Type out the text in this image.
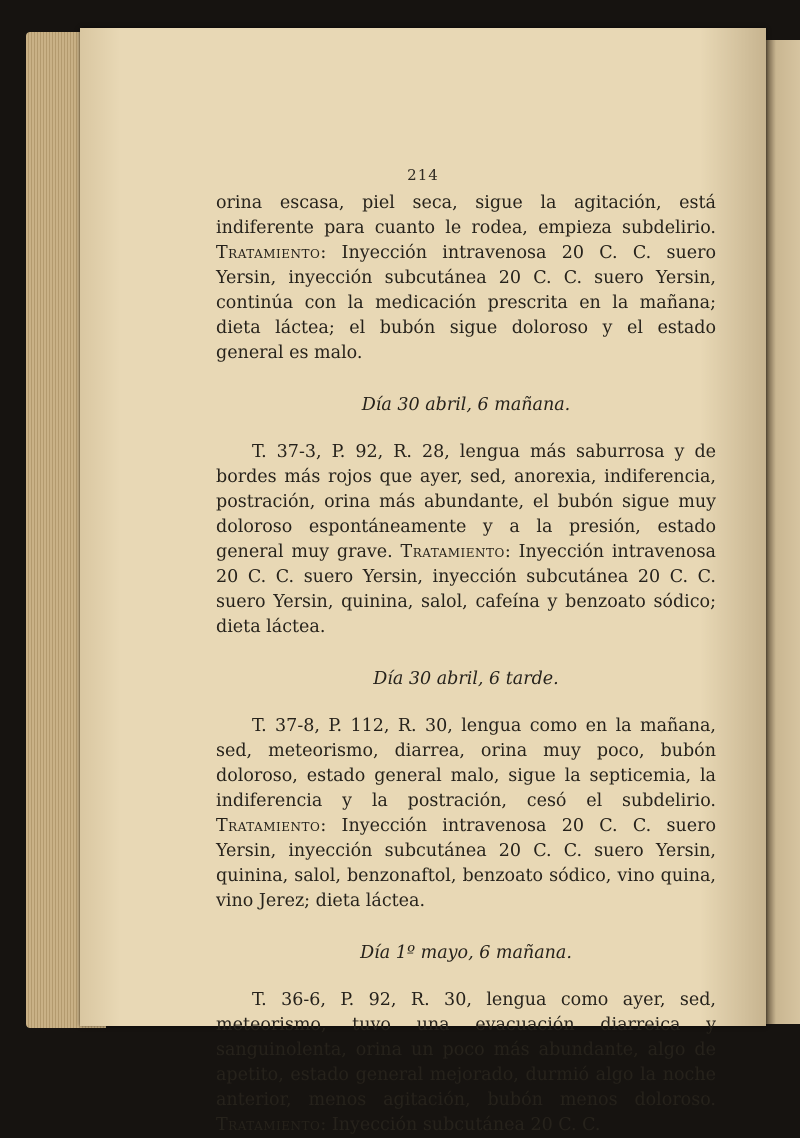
214

orina escasa, piel seca, sigue la agitación, está indiferente para cuanto le rodea, empieza subdelirio. Tratamiento: Inyección intravenosa 20 C. C. suero Yersin, inyección subcutánea 20 C. C. suero Yersin, continúa con la medicación prescrita en la mañana; dieta láctea; el bubón sigue doloroso y el estado general es malo.

Día 30 abril, 6 mañana.

T. 37-3, P. 92, R. 28, lengua más saburrosa y de bordes más rojos que ayer, sed, anorexia, indiferencia, postración, orina más abundante, el bubón sigue muy doloroso espontáneamente y a la presión, estado general muy grave. Tratamiento: Inyección intravenosa 20 C. C. suero Yersin, inyección subcutánea 20 C. C. suero Yersin, quinina, salol, cafeína y benzoato sódico; dieta láctea.

Día 30 abril, 6 tarde.

T. 37-8, P. 112, R. 30, lengua como en la mañana, sed, meteorismo, diarrea, orina muy poco, bubón doloroso, estado general malo, sigue la septicemia, la indiferencia y la postración, cesó el subdelirio. Tratamiento: Inyección intravenosa 20 C. C. suero Yersin, inyección subcutánea 20 C. C. suero Yersin, quinina, salol, benzonaftol, benzoato sódico, vino quina, vino Jerez; dieta láctea.

Día 1º mayo, 6 mañana.

T. 36-6, P. 92, R. 30, lengua como ayer, sed, meteorismo, tuvo una evacuación diarreica y sanguinolenta, orina un poco más abundante, algo de apetito, estado general mejorado, durmió algo la noche anterior, menos agitación, bubón menos doloroso. Tratamiento: Inyección subcutánea 20 C. C.
